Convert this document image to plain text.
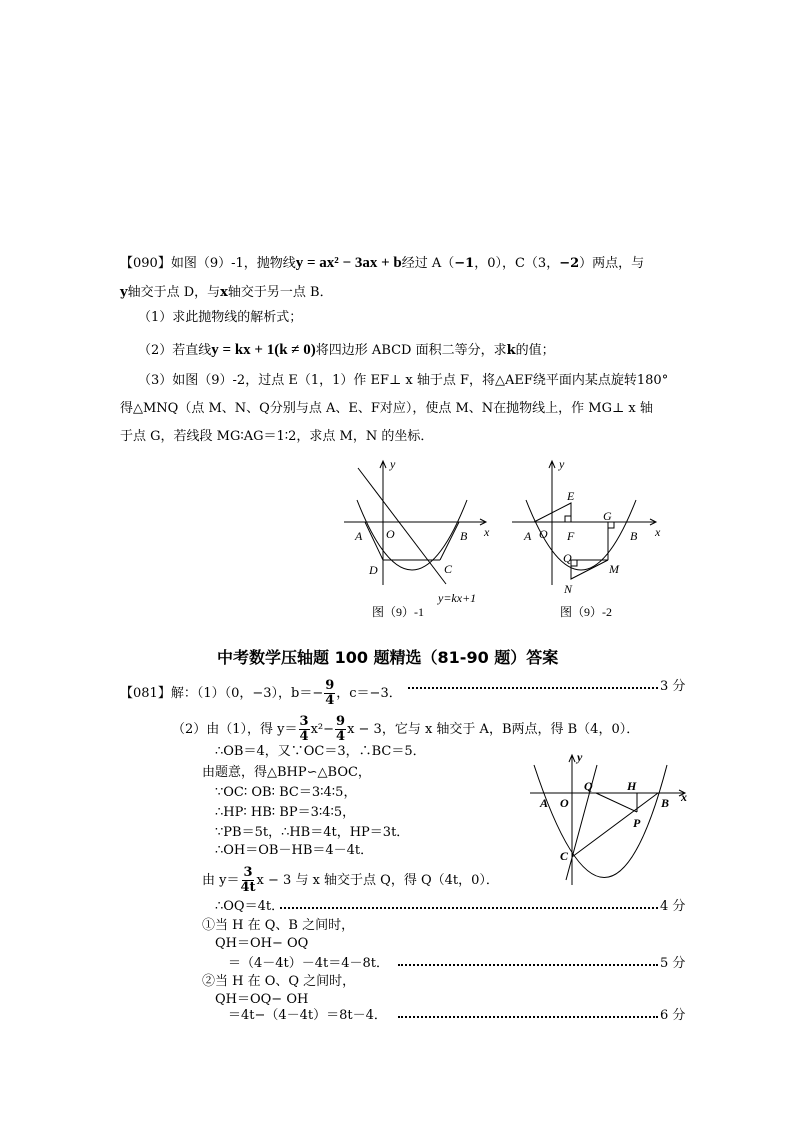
【090】如图（9）-1，抛物线y = ax² − 3ax + b经过 A（−1，0），C（3，−2）两点，与
y轴交于点 D，与x轴交于另一点 B．
（1）求此抛物线的解析式；
（2）若直线y = kx + 1(k ≠ 0)将四边形 ABCD 面积二等分，求k的值；
（3）如图（9）-2，过点 E（1，1）作 EF⊥ x 轴于点 F，将△AEF绕平面内某点旋转180°
得△MNQ（点 M、N、Q分别与点 A、E、F对应），使点 M、N在抛物线上，作 MG⊥ x 轴
于点 G，若线段 MG∶AG＝1∶2，求点 M，N 的坐标．
y
x
A O	B
D	C
y=kx+1
图（9）-1
y
x
A O F
E
G
B
Q
M
N
图（9）-2
y
x
A O
Q	H
B
P
C
中考数学压轴题 100 题精选（81-90 题）答案
【081】解：（1）（0，−3），$b=- \frac{9}{4}$ ，c＝−3．	3 分
（2）由（1），得 $y= \frac{3}{4} x^2- \frac{9}{4}$ x − 3，它与 x 轴交于 A，B两点，得 B（4，0）．
∴OB＝4，又∵OC＝3，∴BC＝5．
由题意，得△BHP∽△BOC，
∵OC∶ OB∶ BC＝3∶4∶5，
∴HP∶ HB∶ BP＝3∶4∶5，
∵PB＝5t，∴HB＝4t，HP＝3t．
∴OH＝OB－HB＝4－4t．
由 $y= \frac{3}{4t}$ x − 3 与 x 轴交于点 Q，得 Q（4t，0）．
∴OQ＝4t．	4 分
①当 H 在 Q、B 之间时，
QH＝OH− OQ
＝（4－4t）－4t＝4－8t．	5 分
②当 H 在 O、Q 之间时，
QH＝OQ− OH
＝4t−（4－4t）＝8t－4．	6 分
